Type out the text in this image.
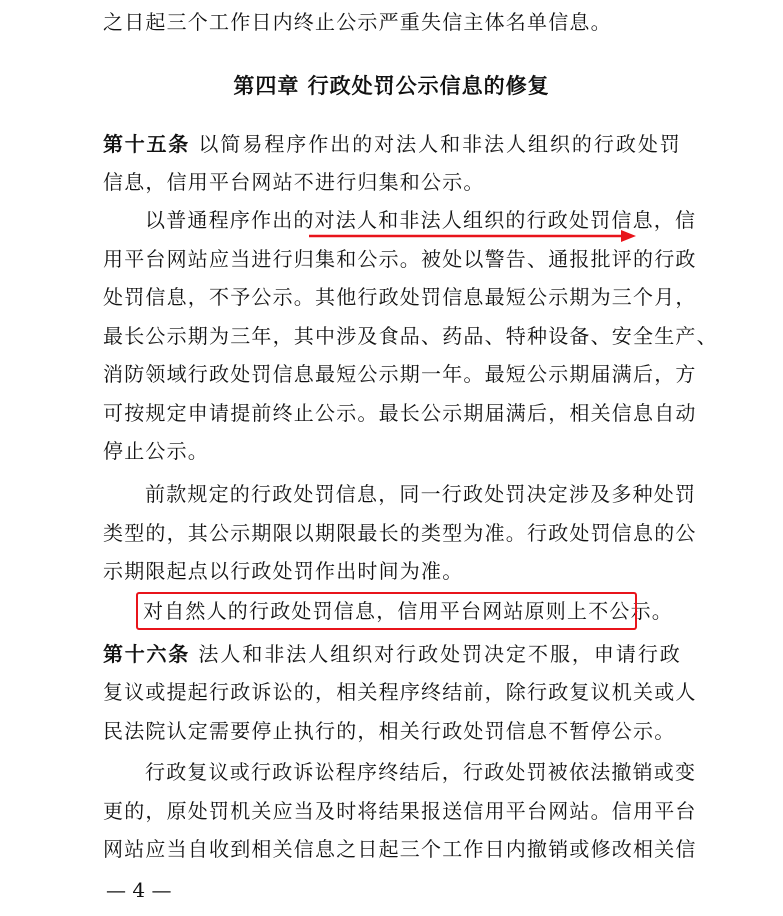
之日起三个工作日内终止公示严重失信主体名单信息。
第四章 行政处罚公示信息的修复
第十五条 以简易程序作出的对法人和非法人组织的行政处罚
信息，信用平台网站不进行归集和公示。
以普通程序作出的对法人和非法人组织的行政处罚信息，信
用平台网站应当进行归集和公示。被处以警告、通报批评的行政
处罚信息，不予公示。其他行政处罚信息最短公示期为三个月，
最长公示期为三年，其中涉及食品、药品、特种设备、安全生产、
消防领域行政处罚信息最短公示期一年。最短公示期届满后，方
可按规定申请提前终止公示。最长公示期届满后，相关信息自动
停止公示。
前款规定的行政处罚信息，同一行政处罚决定涉及多种处罚
类型的，其公示期限以期限最长的类型为准。行政处罚信息的公
示期限起点以行政处罚作出时间为准。
对自然人的行政处罚信息，信用平台网站原则上不公示。
第十六条 法人和非法人组织对行政处罚决定不服，申请行政
复议或提起行政诉讼的，相关程序终结前，除行政复议机关或人
民法院认定需要停止执行的，相关行政处罚信息不暂停公示。
行政复议或行政诉讼程序终结后，行政处罚被依法撤销或变
更的，原处罚机关应当及时将结果报送信用平台网站。信用平台
网站应当自收到相关信息之日起三个工作日内撤销或修改相关信
— 4 —
